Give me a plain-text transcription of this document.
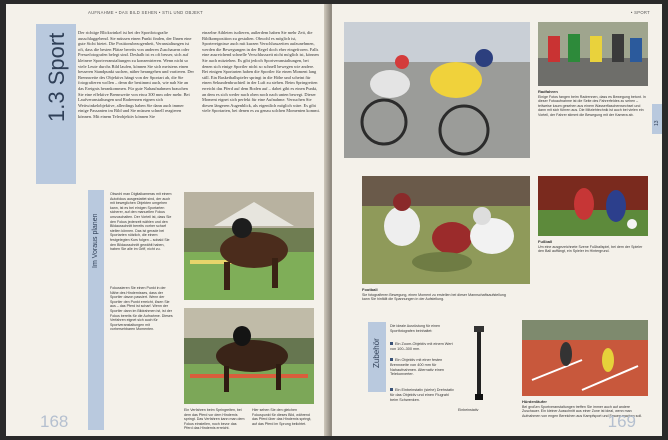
AUFNAHME • DAS BILD SEHEN • STIL UND OBJEKT
1.3 Sport
Der richtige Blickwinkel ist bei der Sportfotografie ausschlaggebend. Sie müssen einen Punkt finden, der Ihnen eine gute Sicht bietet. Die Positionsbezogenheit, Veranstaltungen ist oft, dass die besten Plätze bereits von anderen Zuschauern oder Pressefotografen belegt sind. Deshalb ist es oft besser, sich auf kleinere Sportveranstaltungen zu konzentrieren. Wenn nicht so viele Leute durchs Bild laufen, können Sie sich meistens einen besseren Standpunkt suchen, näher herangehen und variieren. Der Brennweite des Objektivs hängt von der Sportart ab, die Sie fotografieren wollen – denn die bestimmt auch, wie nah Sie an das Ereignis herankommen. Für gute Nahaufnahmen brauchen Sie eine effektive Brennweite von etwa 300 mm oder mehr. Bei Laufveranstaltungen und Radrennen eignen sich Weitwinkelobjektive, allerdings haben Sie dann auch immer einige Passanten im Bild und Sie müssen schnell reagieren können. Mit einem Teleobjektiv können Sie
einzelne Athleten isolieren, außerdem haben Sie mehr Zeit, die Bildkomposition zu gestalten. Obwohl es möglich ist, Sportereignisse auch mit kurzen Verschlusszeiten aufzunehmen, werden die Bewegungen in der Regel doch eher eingefroren. Falls eine ausreichend schnelle Verschlusszeit nicht möglich ist, können Sie auch mitziehen. Es gibt jedoch Sportveranstaltungen, bei denen sich einige Sportler nicht so schnell bewegen wie andere. Bei einigen Sportarten haben die Sportler für einen Moment lang still. Ein Basketballspieler springt in die Höhe und scheint für einen Sekundenbruchteil in der Luft zu stehen. Beim Springreiten erreicht das Pferd auf dem Boden auf – dabei gibt es einen Punkt, an dem es sich weder nach oben noch nach unten bewegt. Dieser Moment eignet sich perfekt für eine Aufnahme. Versuchen Sie diesen längeren Augenblick, als eigentlich möglich wäre. Es gibt viele Sportarten, bei denen es zu genau solchen Momenten kommt.
Im Voraus planen
Obwohl man Digitalkameras mit einem Autofokus ausgestattet sind, der auch mit beweglichen Objekten umgehen kann, ist es bei einigen Sportarten sicherer, auf den manuellen Fokus umzuschalten. Der Vorteil ist, dass Sie den Fokus jederzeit wählen und den Bildausschnitt bereits vorher scharf stellen können. Das ist gerade bei Sportarten nützlich, die einem festgelegten Kurs folgen – sobald Sie den Bildausschnitt gewählt haben, haben Sie alle im Griff, nicht zu.
Fokussieren Sie einen Punkt in der Nähe des Hindernisses, dass der Sportler davon passiert. Wenn der Sportler den Punkt erreicht, lösen Sie aus – das Pferd ist scharf. Wenn der Sportler dann im Bildrahmen ist, ist der Fokus bereits für die Aufnahme. Dieses Verfahren eignet sich auch für Sportveranstaltungen mit vorhersehbaren Momenten.
Ein Verfahren beim Springreiten, bei dem das Pferd vor dem Hindernis springt. Das Verfahren kann man dem Fokus einstellen, noch bevor das Pferd das Hindernis erreicht.
Hier sehen Sie den gleichen Fokuspunkt für dieses Bild, während das Pferd über das Hindernis springt, auf das Pferd im Sprung belichtet.
168
• SPORT
Radfahren
Einige Fotos fangen beim Radrennen, dass es Bewegung betont. In dieser Fotoaufnahme ist die Seite des Fahrerfeldes zu sehen – teilweise kaum gesehen aus einem Wasserflaschenwechsel und dann mit sich führen aus. Die Mitziehtechnik ist auch bei vielen ein Vorteil, der Fahrer stimmt die Bewegung mit der Kamera ab.
13
Football
Sie fotografieren Bewegung, einen Moment zu erstellen bei dieser Mannschaftsaufstellung kann Sie hinfällt die Spannungen in der Aufstellung.
Fußball
Um eine ausgezeichnete Szene Fußballspiel, bei dem der Spieler den Ball auffängt, ein Spieler im Hintergrund.
Zubehör
Die ideale Ausrüstung für einen Sportfotografen beinhaltet:
Ein Zoom-Objektiv mit einem Wert von 100–300 mm.
Ein Objektiv mit einer festen Brennweite von 400 mm für Nahaufnahmen. Alternativ einen Telekonverter.
Ein Einbeinstativ (siehe) Drehstativ für das Objektiv und einen Flugrahl beim Schwenken.
Einbeinstativ
Hürdenläufer
Bei großen Sportveranstaltungen treffen Sie immer auch auf andere Zuschauer. Ein kleiner Ausschnitt aus einer Zone ist ideal, wenn man Aufnahmen von engen Bereichen aus Kampfsport und Frauen machen soll.
169
